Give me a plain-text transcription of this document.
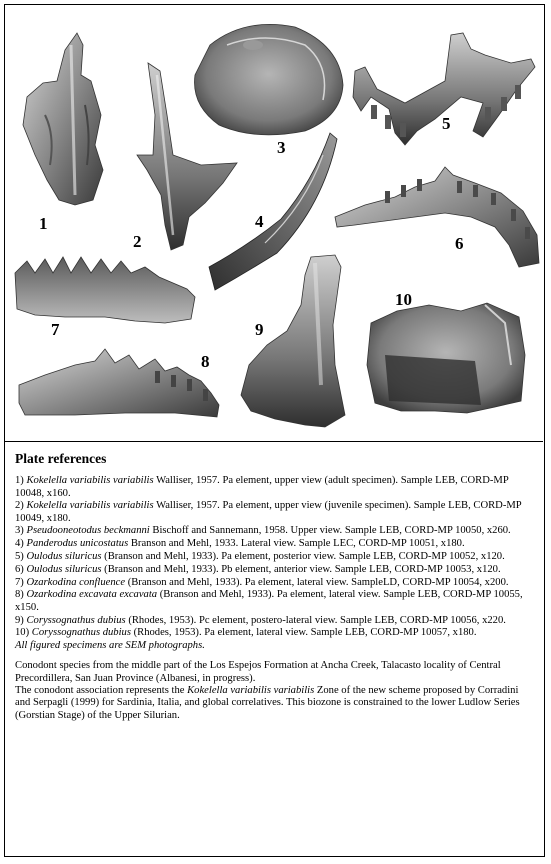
1
2
3
4
5
6
7
8
9
10
Plate references
1) Kokelella variabilis variabilis Walliser, 1957. Pa element, upper view (adult specimen). Sample LEB, CORD-MP 10048, x160.
2) Kokelella variabilis variabilis Walliser, 1957. Pa element, upper view (juvenile specimen). Sample LEB, CORD-MP 10049, x180.
3) Pseudooneotodus beckmanni Bischoff and Sannemann, 1958. Upper view. Sample LEB, CORD-MP 10050, x260.
4) Panderodus unicostatus Branson and Mehl, 1933. Lateral view. Sample LEC, CORD-MP 10051, x180.
5) Oulodus siluricus (Branson and Mehl, 1933). Pa element, posterior view. Sample LEB, CORD-MP 10052, x120.
6) Oulodus siluricus (Branson and Mehl, 1933). Pb element, anterior view. Sample LEB, CORD-MP 10053, x120.
7) Ozarkodina confluence (Branson and Mehl, 1933). Pa element, lateral view. SampleLD, CORD-MP 10054, x200.
8) Ozarkodina excavata excavata (Branson and Mehl, 1933). Pa element, lateral view. Sample LEB, CORD-MP 10055, x150.
9) Coryssognathus dubius (Rhodes, 1953). Pc element, postero-lateral view. Sample LEB, CORD-MP 10056, x220.
10) Coryssognathus dubius (Rhodes, 1953). Pa element, lateral view. Sample LEB, CORD-MP 10057, x180.
All figured specimens are SEM photographs.

Conodont species from the middle part of the Los Espejos Formation at Ancha Creek, Talacasto locality of Central Precordillera, San Juan Province (Albanesi, in progress).

The conodont association represents the Kokelella variabilis variabilis Zone of the new scheme proposed by Corradini and Serpagli (1999) for Sardinia, Italia, and global correlatives. This biozone is constrained to the lower Ludlow Series (Gorstian Stage) of the Upper Silurian.
